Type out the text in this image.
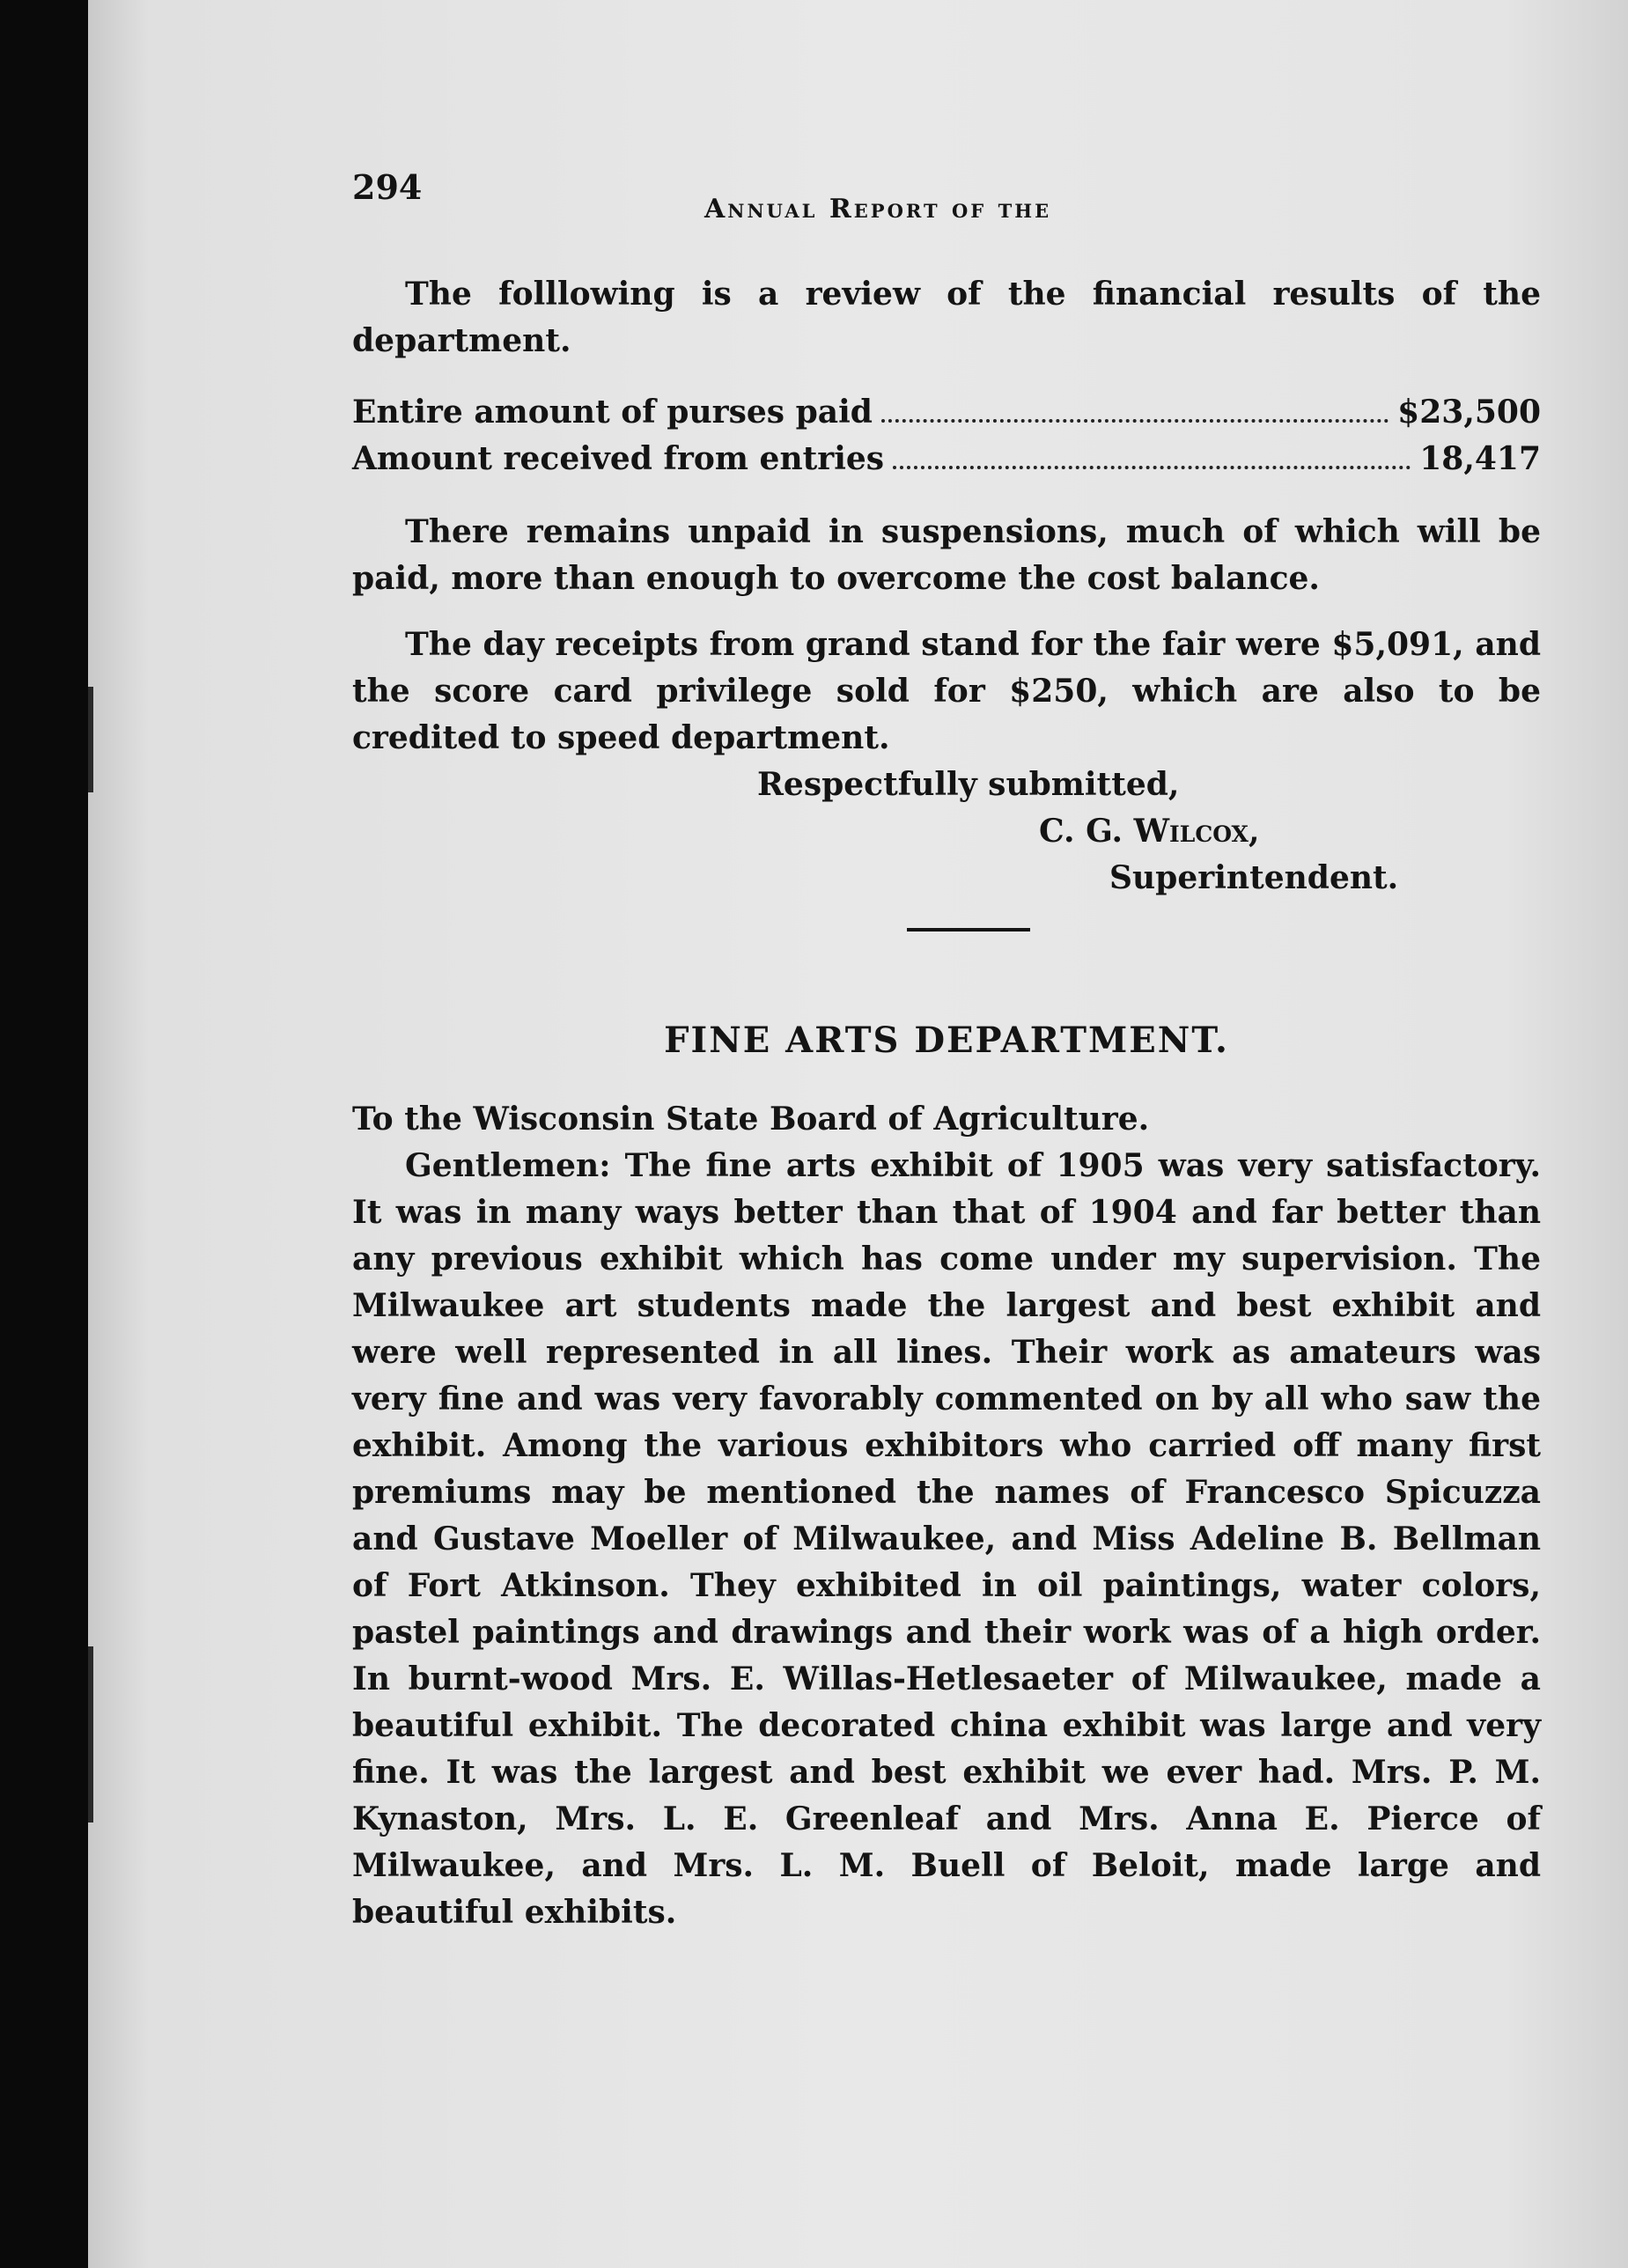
294
Annual Report of the

The folllowing is a review of the financial results of the department.

Entire amount of purses paid	$23,500
Amount received from entries	18,417

There remains unpaid in suspensions, much of which will be paid, more than enough to overcome the cost balance.

The day receipts from grand stand for the fair were $5,091, and the score card privilege sold for $250, which are also to be credited to speed department.

Respectfully submitted,
C. G. Wilcox,
Superintendent.
FINE ARTS DEPARTMENT.

To the Wisconsin State Board of Agriculture.

Gentlemen: The fine arts exhibit of 1905 was very satisfactory. It was in many ways better than that of 1904 and far better than any previous exhibit which has come under my supervision. The Milwaukee art students made the largest and best exhibit and were well represented in all lines. Their work as amateurs was very fine and was very favorably commented on by all who saw the exhibit. Among the various exhibitors who carried off many first premiums may be mentioned the names of Francesco Spicuzza and Gustave Moeller of Milwaukee, and Miss Adeline B. Bellman of Fort Atkinson. They exhibited in oil paintings, water colors, pastel paintings and drawings and their work was of a high order. In burnt-wood Mrs. E. Willas-Hetlesaeter of Milwaukee, made a beautiful exhibit. The decorated china exhibit was large and very fine. It was the largest and best exhibit we ever had. Mrs. P. M. Kynaston, Mrs. L. E. Greenleaf and Mrs. Anna E. Pierce of Milwaukee, and Mrs. L. M. Buell of Beloit, made large and beautiful exhibits.
